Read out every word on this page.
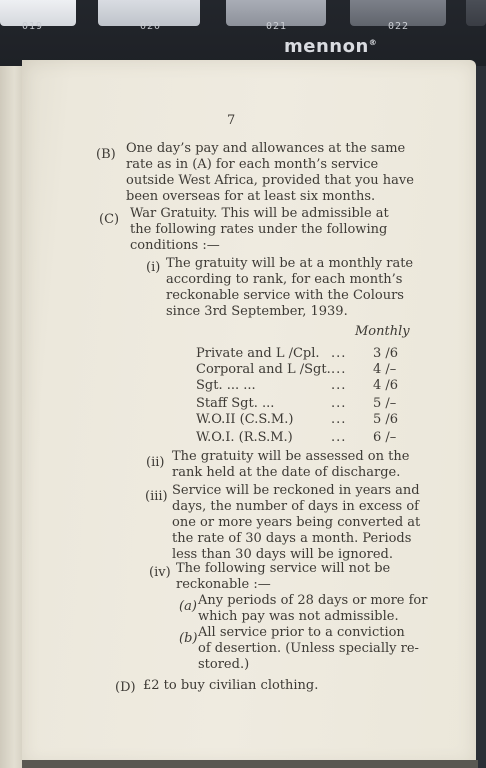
019	020	021	022
mennon®
7
(B) One day’s pay and allowances at the same
rate as in (A) for each month’s service
outside West Africa, provided that you have
been overseas for at least six months.
(C) War Gratuity. This will be admissible at
the following rates under the following
conditions :—
(i) The gratuity will be at a monthly rate
according to rank, for each month’s
reckonable service with the Colours
since 3rd September, 1939.
Monthly
Private and L /Cpl. ... 3 /6
Corporal and L /Sgt. ... 4 /–
Sgt. ... ...	... 4 /6
Staff Sgt. ...	... 5 /–
W.O.II (C.S.M.)	... 5 /6
W.O.I. (R.S.M.)	... 6 /–
(ii) The gratuity will be assessed on the
rank held at the date of discharge.
(iii) Service will be reckoned in years and
days, the number of days in excess of
one or more years being converted at
the rate of 30 days a month. Periods
less than 30 days will be ignored.
(iv) The following service will not be
reckonable :—
(a) Any periods of 28 days or more for
which pay was not admissible.
(b) All service prior to a conviction
of desertion. (Unless specially re-
stored.)
(D) £2 to buy civilian clothing.
